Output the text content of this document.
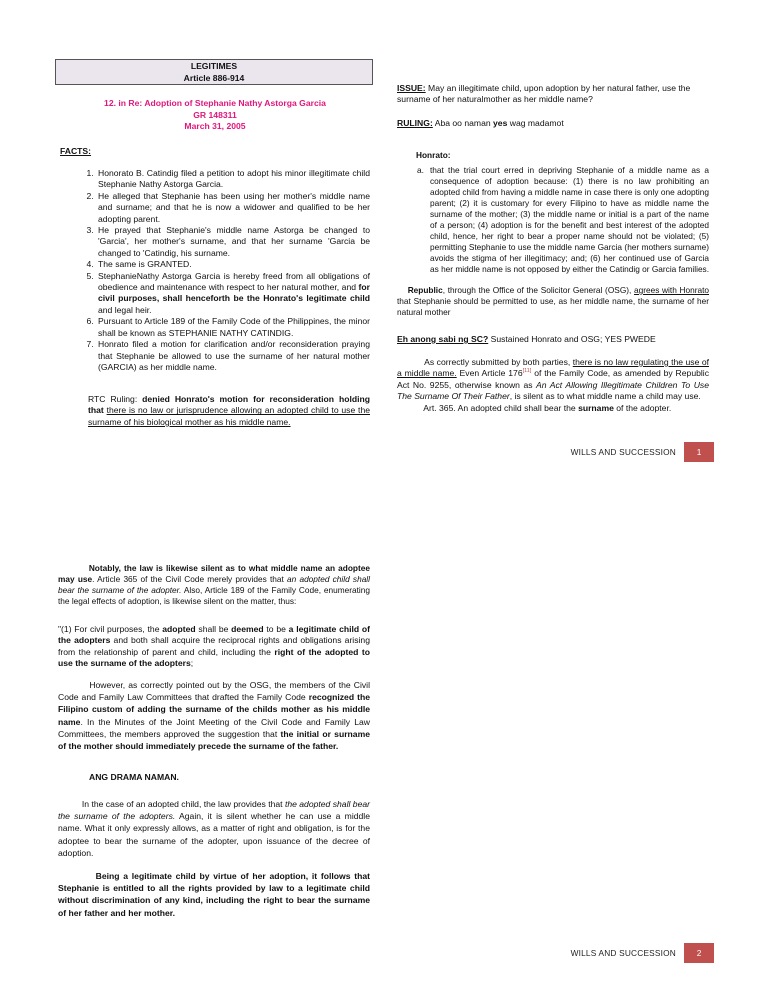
LEGITIMES
Article 886-914
12. in Re: Adoption of Stephanie Nathy Astorga Garcia
GR 148311
March 31, 2005
FACTS:
1. Honorato B. Catindig filed a petition to adopt his minor illegitimate child Stephanie Nathy Astorga Garcia.
2. He alleged that Stephanie has been using her mother's middle name and surname; and that he is now a widower and qualified to be her adopting parent.
3. He prayed that Stephanie's middle name Astorga be changed to 'Garcia', her mother's surname, and that her surname 'Garcia be changed to 'Catindig, his surname.
4. The same is GRANTED.
5. StephanieNathy Astorga Garcia is hereby freed from all obligations of obedience and maintenance with respect to her natural mother, and for civil purposes, shall henceforth be the Honrato's legitimate child and legal heir.
6. Pursuant to Article 189 of the Family Code of the Philippines, the minor shall be known as STEPHANIE NATHY CATINDIG.
7. Honrato filed a motion for clarification and/or reconsideration praying that Stephanie be allowed to use the surname of her natural mother (GARCIA) as her middle name.
RTC Ruling: denied Honrato's motion for reconsideration holding that there is no law or jurisprudence allowing an adopted child to use the surname of his biological mother as his middle name.
ISSUE: May an illegitimate child, upon adoption by her natural father, use the surname of her naturalmother as her middle name?
RULING: Aba oo naman yes wag madamot
Honrato:
a. that the trial court erred in depriving Stephanie of a middle name as a consequence of adoption because: (1) there is no law prohibiting an adopted child from having a middle name in case there is only one adopting parent; (2) it is customary for every Filipino to have as middle name the surname of the mother; (3) the middle name or initial is a part of the name of a person; (4) adoption is for the benefit and best interest of the adopted child, hence, her right to bear a proper name should not be violated; (5) permitting Stephanie to use the middle name Garcia (her mothers surname) avoids the stigma of her illegitimacy; and; (6) her continued use of Garcia as her middle name is not opposed by either the Catindig or Garcia families.
Republic, through the Office of the Solicitor General (OSG), agrees with Honrato that Stephanie should be permitted to use, as her middle name, the surname of her natural mother
Eh anong sabi ng SC? Sustained Honrato and OSG; YES PWEDE
As correctly submitted by both parties, there is no law regulating the use of a middle name. Even Article 176[11] of the Family Code, as amended by Republic Act No. 9255, otherwise known as An Act Allowing Illegitimate Children To Use The Surname Of Their Father, is silent as to what middle name a child may use.
Art. 365. An adopted child shall bear the surname of the adopter.
WILLS AND SUCCESSION	1
Notably, the law is likewise silent as to what middle name an adoptee may use. Article 365 of the Civil Code merely provides that an adopted child shall bear the surname of the adopter. Also, Article 189 of the Family Code, enumerating the legal effects of adoption, is likewise silent on the matter, thus:
"(1) For civil purposes, the adopted shall be deemed to be a legitimate child of the adopters and both shall acquire the reciprocal rights and obligations arising from the relationship of parent and child, including the right of the adopted to use the surname of the adopters;
However, as correctly pointed out by the OSG, the members of the Civil Code and Family Law Committees that drafted the Family Code recognized the Filipino custom of adding the surname of the childs mother as his middle name. In the Minutes of the Joint Meeting of the Civil Code and Family Law Committees, the members approved the suggestion that the initial or surname of the mother should immediately precede the surname of the father.
ANG DRAMA NAMAN.
In the case of an adopted child, the law provides that the adopted shall bear the surname of the adopters. Again, it is silent whether he can use a middle name. What it only expressly allows, as a matter of right and obligation, is for the adoptee to bear the surname of the adopter, upon issuance of the decree of adoption.
Being a legitimate child by virtue of her adoption, it follows that Stephanie is entitled to all the rights provided by law to a legitimate child without discrimination of any kind, including the right to bear the surname of her father and her mother.
WILLS AND SUCCESSION	2
